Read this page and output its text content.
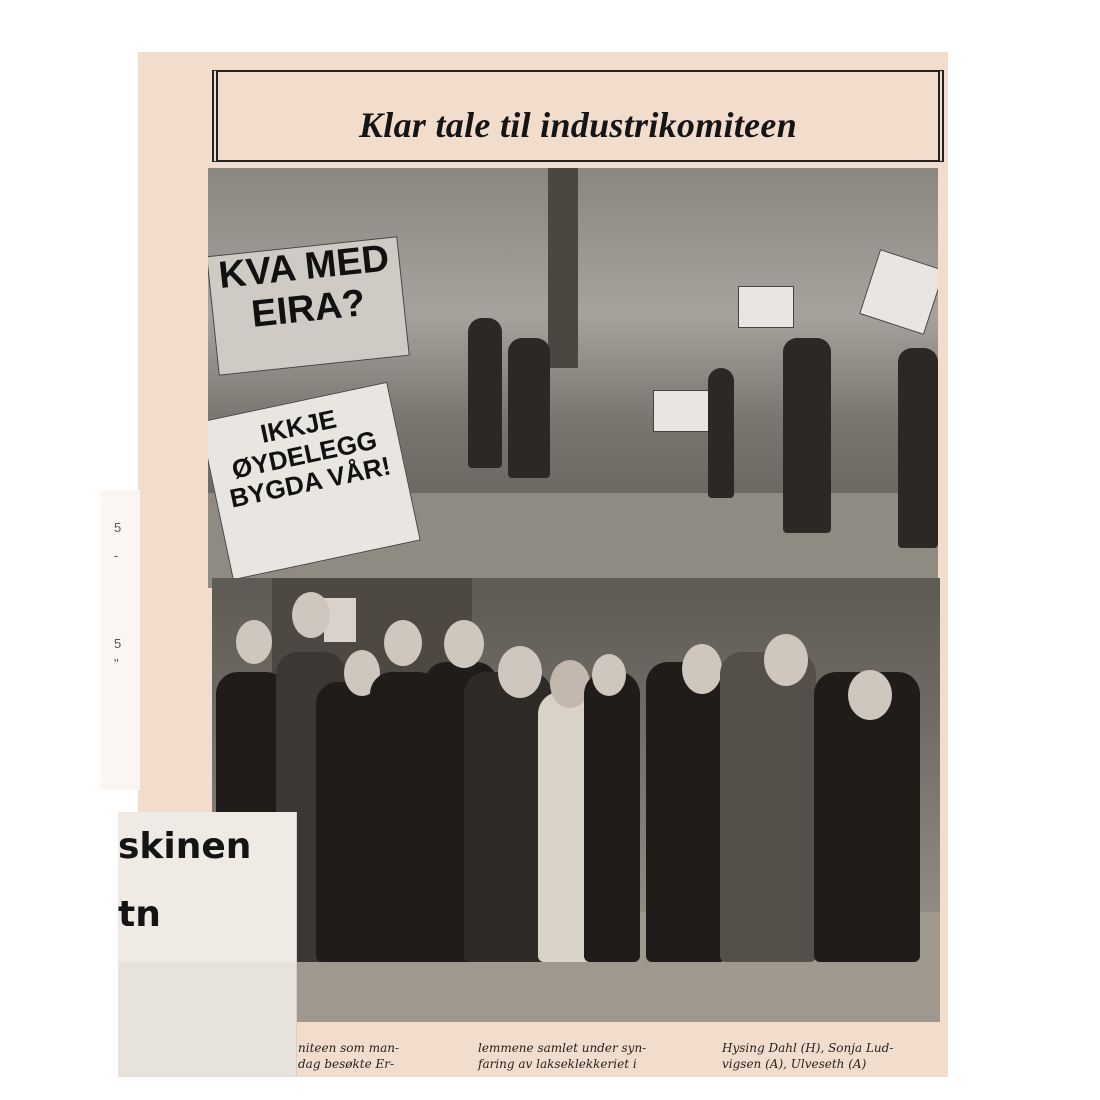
5
-
5
"
Klar tale til industrikomiteen
KVA MED EIRA?
IKKJE ØYDELEGG BYGDA VÅR!
niteen som man-
dag besøkte Er-
lemmene samlet under syn-
faring av lakseklekkeriet i
Hysing Dahl (H), Sonja Lud-
vigsen (A), Ulveseth (A)
skinen
tn
